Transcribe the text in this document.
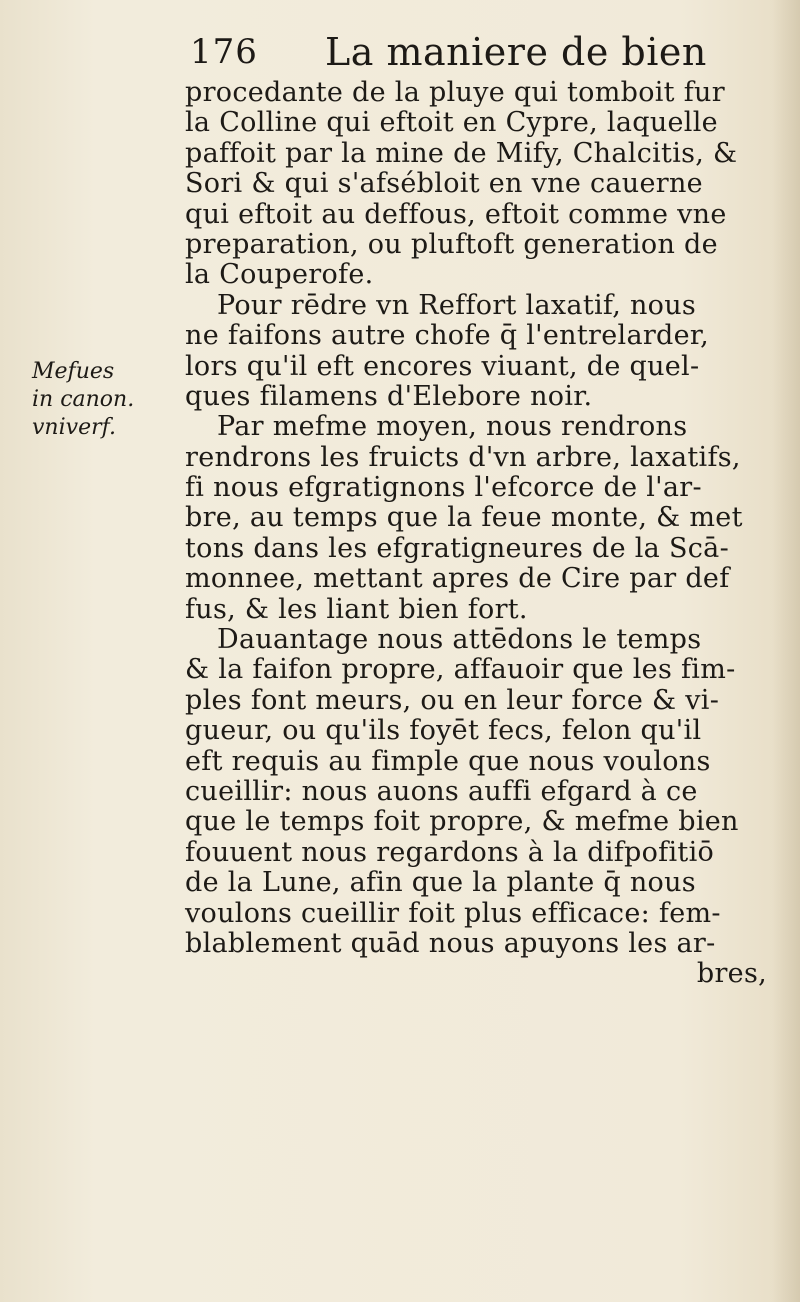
176 La maniere de bien
Mefues
in canon.
vniverf.
procedante de la pluye qui tomboit fur
la Colline qui eftoit en Cypre, laquelle
paffoit par la mine de Mify, Chalcitis, &
Sori & qui s'afsébloit en vne cauerne
qui eftoit au deffous, eftoit comme vne
preparation, ou pluftoft generation de
la Couperofe.
Pour rēdre vn Reffort laxatif, nous
ne faifons autre chofe q̄ l'entrelarder,
lors qu'il eft encores viuant, de quel-
ques filamens d'Elebore noir.
Par mefme moyen, nous rendrons
rendrons les fruicts d'vn arbre, laxatifs,
fi nous efgratignons l'efcorce de l'ar-
bre, au temps que la feue monte, & met
tons dans les efgratigneures de la Scā-
monnee, mettant apres de Cire par def
fus, & les liant bien fort.
Dauantage nous attēdons le temps
& la faifon propre, affauoir que les fim-
ples font meurs, ou en leur force & vi-
gueur, ou qu'ils foyēt fecs, felon qu'il
eft requis au fimple que nous voulons
cueillir: nous auons auffi efgard à ce
que le temps foit propre, & mefme bien
fouuent nous regardons à la difpofitiō
de la Lune, afin que la plante q̄ nous
voulons cueillir foit plus efficace: fem-
blablement quād nous apuyons les ar-
bres,
